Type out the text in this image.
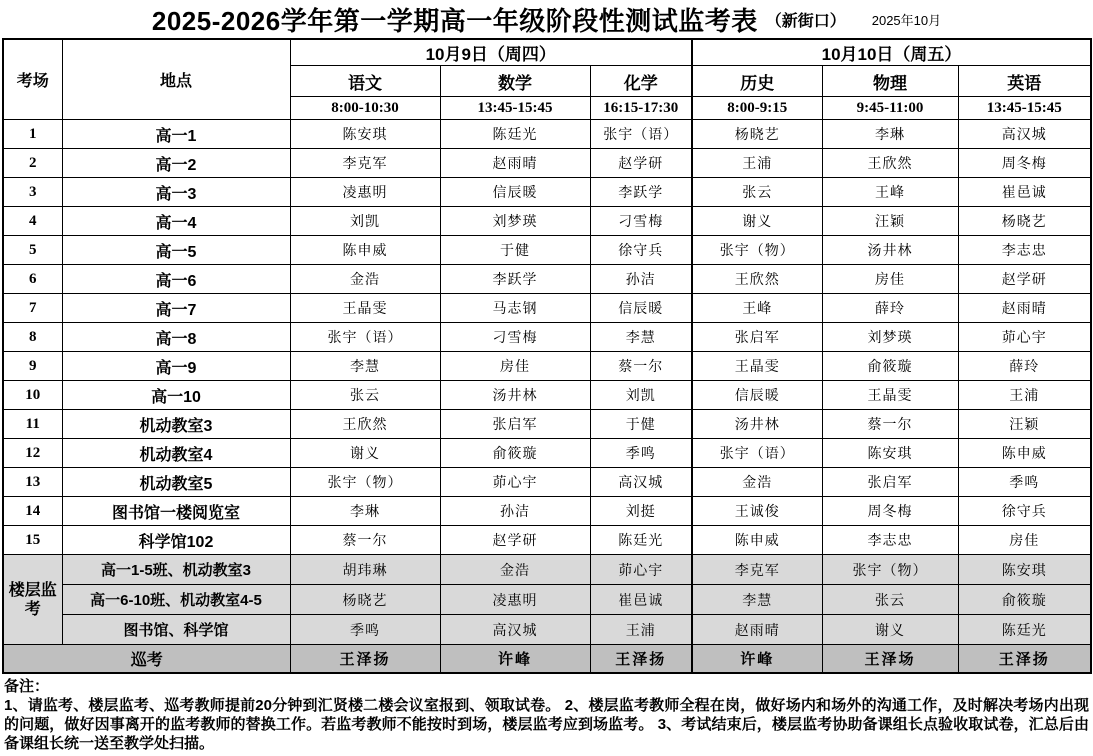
2025-2026学年第一学期高一年级阶段性测试监考表 （新街口） 2025年10月
考场	地点	10月9日（周四）			10月10日（周五）		
		语文	数学	化学	历史	物理	英语
		8:00-10:30	13:45-15:45	16:15-17:30	8:00-9:15	9:45-11:00	13:45-15:45
1	高一1	陈安琪	陈廷光	张宇（语）	杨晓艺	李琳	高汉城
2	高一2	李克军	赵雨晴	赵学研	王浦	王欣然	周冬梅
3	高一3	凌惠明	信辰暖	李跃学	张云	王峰	崔邑诚
4	高一4	刘凯	刘梦瑛	刁雪梅	谢义	汪颖	杨晓艺
5	高一5	陈申威	于健	徐守兵	张宇（物）	汤井林	李志忠
6	高一6	金浩	李跃学	孙洁	王欣然	房佳	赵学研
7	高一7	王晶雯	马志钢	信辰暖	王峰	薛玲	赵雨晴
8	高一8	张宇（语）	刁雪梅	李慧	张启军	刘梦瑛	茆心宇
9	高一9	李慧	房佳	蔡一尔	王晶雯	俞筱璇	薛玲
10	高一10	张云	汤井林	刘凯	信辰暖	王晶雯	王浦
11	机动教室3	王欣然	张启军	于健	汤井林	蔡一尔	汪颖
12	机动教室4	谢义	俞筱璇	季鸣	张宇（语）	陈安琪	陈申威
13	机动教室5	张宇（物）	茆心宇	高汉城	金浩	张启军	季鸣
14	图书馆一楼阅览室	李琳	孙洁	刘挺	王诚俊	周冬梅	徐守兵
15	科学馆102	蔡一尔	赵学研	陈廷光	陈申威	李志忠	房佳
楼层监考	高一1-5班、机动教室3	胡玮琳	金浩	茆心宇	李克军	张宇（物）	陈安琪
	高一6-10班、机动教室4-5	杨晓艺	凌惠明	崔邑诚	李慧	张云	俞筱璇
	图书馆、科学馆	季鸣	高汉城	王浦	赵雨晴	谢义	陈廷光
巡考		王泽扬	许峰	王泽扬	许峰	王泽场	王泽扬
备注：
1、请监考、楼层监考、巡考教师提前20分钟到汇贤楼二楼会议室报到、领取试卷。 2、楼层监考教师全程在岗，做好场内和场外的沟通工作，及时解决考场内出现的问题，做好因事离开的监考教师的替换工作。若监考教师不能按时到场，楼层监考应到场监考。 3、考试结束后，楼层监考协助备课组长点验收取试卷，汇总后由备课组长统一送至教学处扫描。
